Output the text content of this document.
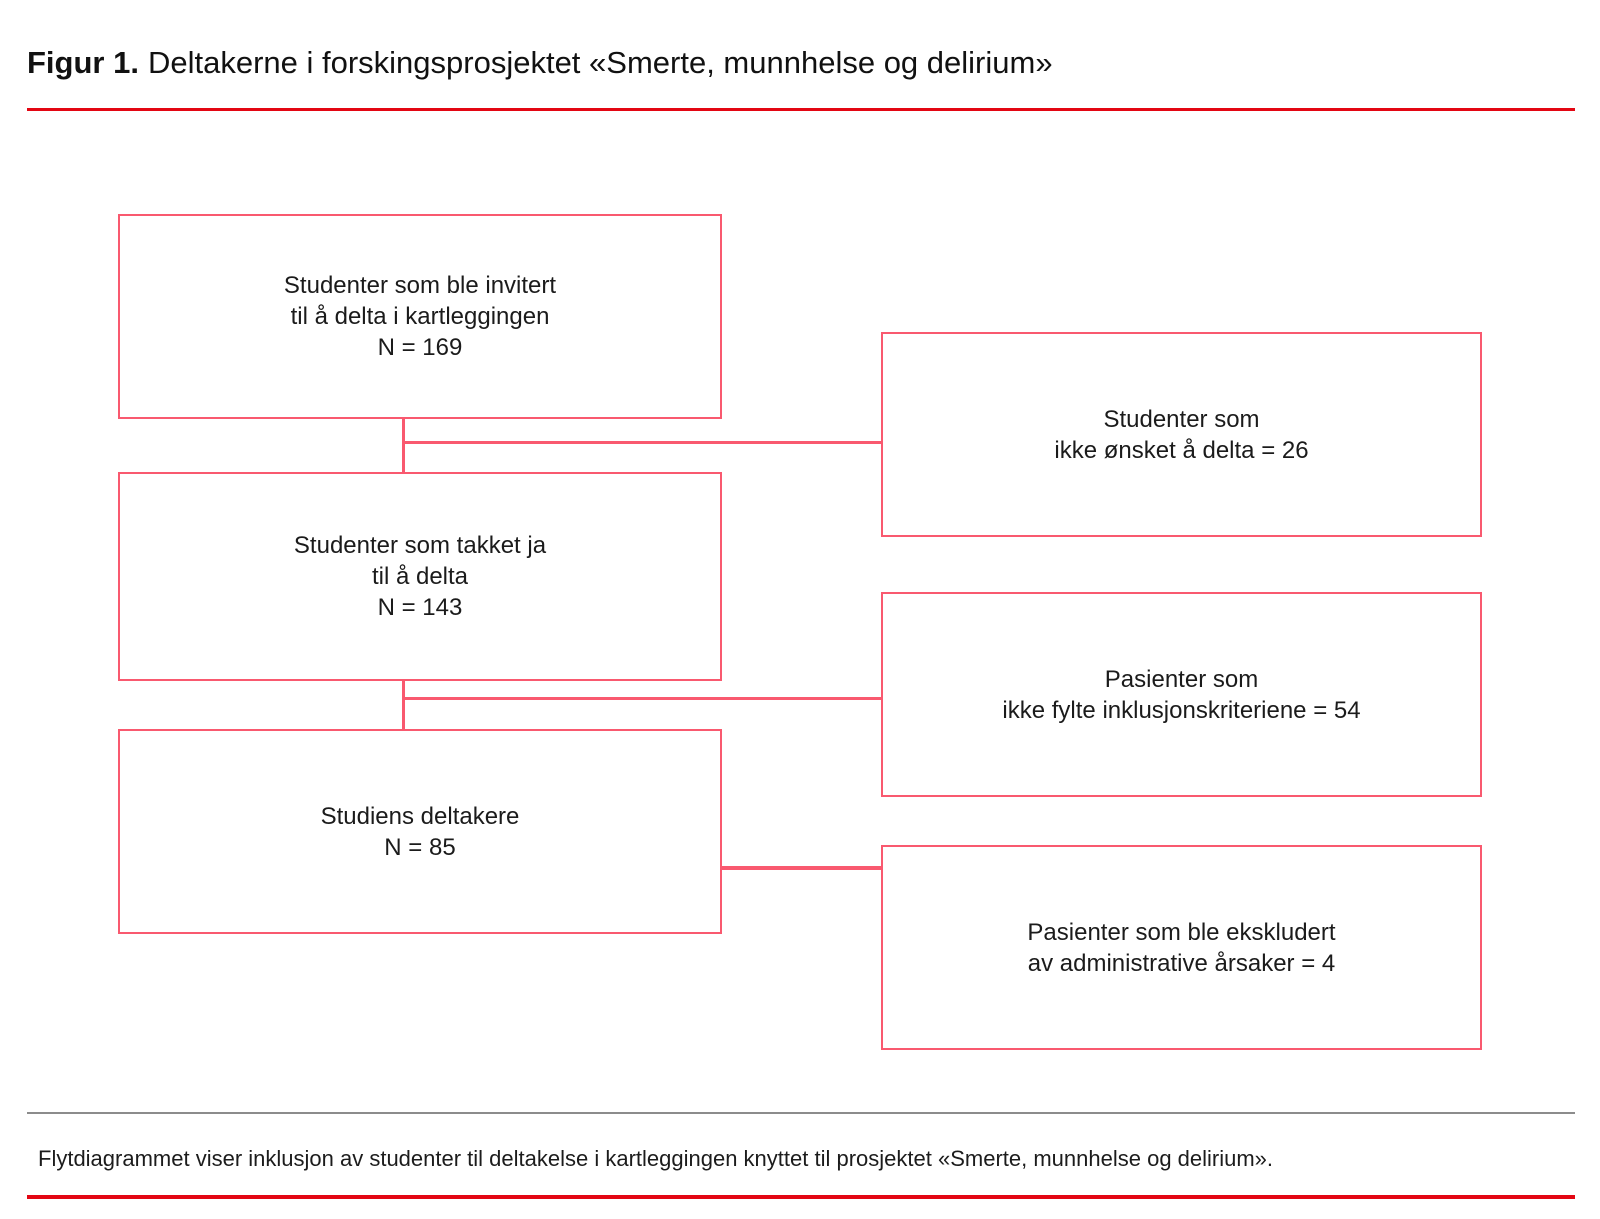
Figur 1. Deltakerne i forskingsprosjektet «Smerte, munnhelse og delirium»
Studenter som ble invitert
til å delta i kartleggingen
N = 169
Studenter som takket ja
til å delta
N = 143
Studiens deltakere
N = 85
Studenter som
ikke ønsket å delta = 26
Pasienter som
ikke fylte inklusjonskriteriene = 54
Pasienter som ble ekskludert
av administrative årsaker = 4

Flytdiagrammet viser inklusjon av studenter til deltakelse i kartleggingen knyttet til prosjektet «Smerte, munnhelse og delirium».
